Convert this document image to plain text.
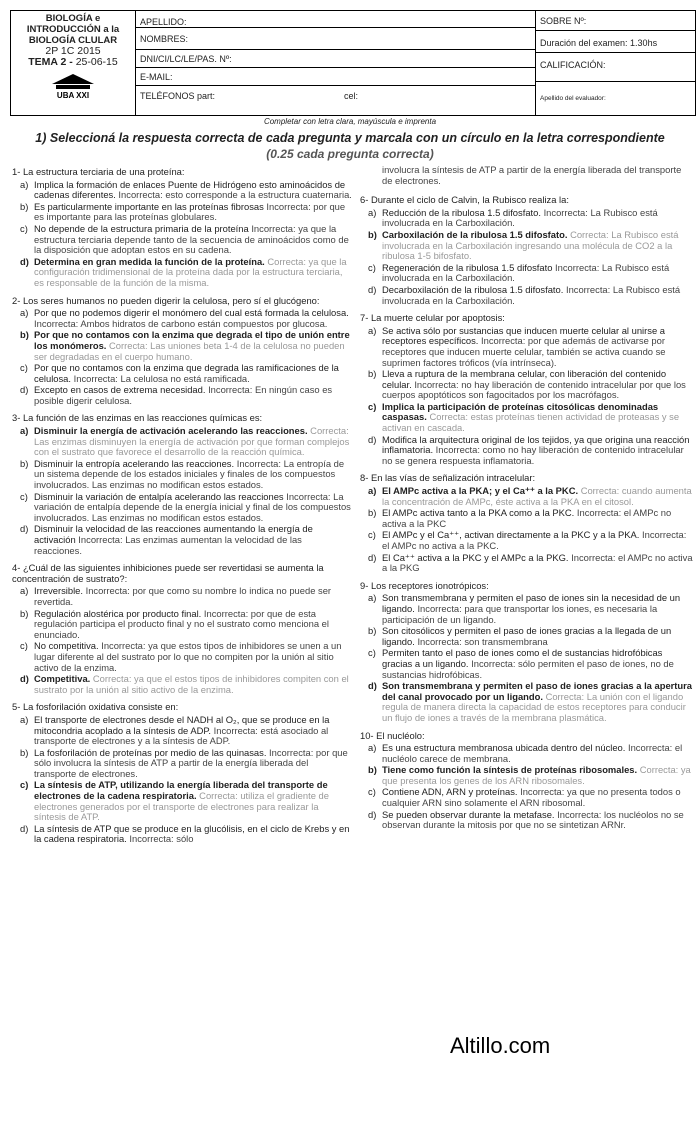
BIOLOGÍA e
INTRODUCCIÓN a la
BIOLOGÍA CLULAR
2P 1C 2015
TEMA 2 - 25-06-15
UBA XXI
APELLIDO:
NOMBRES:
DNI/CI/LC/LE/PAS. Nº:
E-MAIL:
TELÉFONOS part:	cel:
SOBRE Nº:
Duración del examen: 1.30hs
CALIFICACIÓN:
Apellido del evaluador:
Completar con letra clara, mayúscula e imprenta
1) Seleccioná la respuesta correcta de cada pregunta y marcala con un círculo en la letra correspondiente
(0.25 cada pregunta correcta)
1- La estructura terciaria de una proteína:
a) Implica la formación de enlaces Puente de Hidrógeno esto aminoácidos de cadenas diferentes. Incorrecta: esto corresponde a la estructura cuaternaria.
b) Es particularmente importante en las proteínas fibrosas Incorrecta: por que es importante para las proteínas globulares.
c) No depende de la estructura primaria de la proteína Incorrecta: ya que la estructura terciaria depende tanto de la secuencia de aminoácidos como de la disposición que adoptan estos en su cadena.
d) Determina en gran medida la función de la proteína. Correcta: ya que la configuración tridimensional de la proteína dada por la estructura terciaria, es responsable de la función de la misma.
2- Los seres humanos no pueden digerir la celulosa, pero sí el glucógeno:
a) Por que no podemos digerir el monómero del cual está formada la celulosa. Incorrecta: Ambos hidratos de carbono están compuestos por glucosa.
b) Por que no contamos con la enzima que degrada el tipo de unión entre los monómeros. Correcta: Las uniones beta 1-4 de la celulosa no pueden ser degradadas en el cuerpo humano.
c) Por que no contamos con la enzima que degrada las ramificaciones de la celulosa. Incorrecta: La celulosa no está ramificada.
d) Excepto en casos de extrema necesidad. Incorrecta: En ningún caso es posible digerir celulosa.
3- La función de las enzimas en las reacciones químicas es:
a) Disminuir la energía de activación acelerando las reacciones. Correcta: Las enzimas disminuyen la energía de activación por que forman complejos con el sustrato que favorece el desarrollo de la reacción química.
b) Disminuir la entropía acelerando las reacciones. Incorrecta: La entropía de un sistema depende de los estados iniciales y finales de los compuestos involucrados. Las enzimas no modifican estos estados.
c) Disminuir la variación de entalpía acelerando las reacciones Incorrecta: La variación de entalpía depende de la energía inicial y final de los compuestos involucrados. Las enzimas no modifican estos estados.
d) Disminuir la velocidad de las reacciones aumentando la energía de activación Incorrecta: Las enzimas aumentan la velocidad de las reacciones.
4- ¿Cuál de las siguientes inhibiciones puede ser revertidasi se aumenta la concentración de sustrato?:
a) Irreversible. Incorrecta: por que como su nombre lo indica no puede ser revertida.
b) Regulación alostérica por producto final. Incorrecta: por que de esta regulación participa el producto final y no el sustrato como menciona el enunciado.
c) No competitiva. Incorrecta: ya que estos tipos de inhibidores se unen a un lugar diferente al del sustrato por lo que no compiten por la unión al sitio activo de la enzima.
d) Competitiva. Correcta: ya que el estos tipos de inhibidores compiten con el sustrato por la unión al sitio activo de la enzima.
5- La fosforilación oxidativa consiste en:
a) El transporte de electrones desde el NADH al O₂, que se produce en la mitocondria acoplado a la síntesis de ADP. Incorrecta: está asociado al transporte de electrones y a la síntesis de ADP.
b) La fosforilación de proteínas por medio de las quinasas. Incorrecta: por que sólo involucra la síntesis de ATP a partir de la energía liberada del transporte de electrones.
c) La síntesis de ATP, utilizando la energía liberada del transporte de electrones de la cadena respiratoria. Correcta: utiliza el gradiente de electrones generados por el transporte de electrones para realizar la síntesis de ATP.
d) La síntesis de ATP que se produce en la glucólisis, en el ciclo de Krebs y en la cadena respiratoria. Incorrecta: sólo
involucra la síntesis de ATP a partir de la energía liberada del transporte de electrones.
6- Durante el ciclo de Calvin, la Rubisco realiza la:
a) Reducción de la ribulosa 1.5 difosfato. Incorrecta: La Rubisco está involucrada en la Carboxilación.
b) Carboxilación de la ribulosa 1.5 difosfato. Correcta: La Rubisco está involucrada en la Carboxilación ingresando una molécula de CO2 a la ribulosa 1-5 bifosfato.
c) Regeneración de la ribulosa 1.5 difosfato Incorrecta: La Rubisco está involucrada en la Carboxilación.
d) Decarboxilación de la ribulosa 1.5 difosfato. Incorrecta: La Rubisco está involucrada en la Carboxilación.
7- La muerte celular por apoptosis:
a) Se activa sólo por sustancias que inducen muerte celular al unirse a receptores específicos. Incorrecta: por que además de activarse por receptores que inducen muerte celular, también se activa cuando se suprimen factores tróficos (vía intrínseca).
b) Lleva a ruptura de la membrana celular, con liberación del contenido celular. Incorrecta: no hay liberación de contenido intracelular por que los cuerpos apoptóticos son fagocitados por los macrófagos.
c) Implica la participación de proteínas citosólicas denominadas caspasas. Correcta: estas proteínas tienen actividad de proteasas y se activan en cascada.
d) Modifica la arquitectura original de los tejidos, ya que origina una reacción inflamatoria. Incorrecta: como no hay liberación de contenido intracelular no se genera respuesta inflamatoria.
8- En las vías de señalización intracelular:
a) El AMPc activa a la PKA; y el Ca⁺⁺ a la PKC. Correcta: cuando aumenta la concentración de AMPc, éste activa a la PKA en el citosol.
b) El AMPc activa tanto a la PKA como a la PKC. Incorrecta: el AMPc no activa a la PKC
c) El AMPc y el Ca⁺⁺, activan directamente a la PKC y a la PKA. Incorrecta: el AMPc no activa a la PKC.
d) El Ca⁺⁺ activa a la PKC y el AMPc a la PKG. Incorrecta: el AMPc no activa a la PKG
9- Los receptores ionotrópicos:
a) Son transmembrana y permiten el paso de iones sin la necesidad de un ligando. Incorrecta: para que transportar los iones, es necesaria la participación de un ligando.
b) Son citosólicos y permiten el paso de iones gracias a la llegada de un ligando. Incorrecta: son transmembrana
c) Permiten tanto el paso de iones como el de sustancias hidrofóbicas gracias a un ligando. Incorrecta: sólo permiten el paso de iones, no de sustancias hidrofóbicas.
d) Son transmembrana y permiten el paso de iones gracias a la apertura del canal provocado por un ligando. Correcta: La unión con el ligando regula de manera directa la capacidad de estos receptores para conducir un flujo de iones a través de la membrana plasmática.
10- El nucléolo:
a) Es una estructura membranosa ubicada dentro del núcleo. Incorrecta: el nucléolo carece de membrana.
b) Tiene como función la síntesis de proteínas ribosomales. Correcta: ya que presenta los genes de los ARN ribosomales.
c) Contiene ADN, ARN y proteínas. Incorrecta: ya que no presenta todos o cualquier ARN sino solamente el ARN ribosomal.
d) Se pueden observar durante la metafase. Incorrecta: los nucléolos no se observan durante la mitosis por que no se sintetizan ARNr.
Altillo.com
